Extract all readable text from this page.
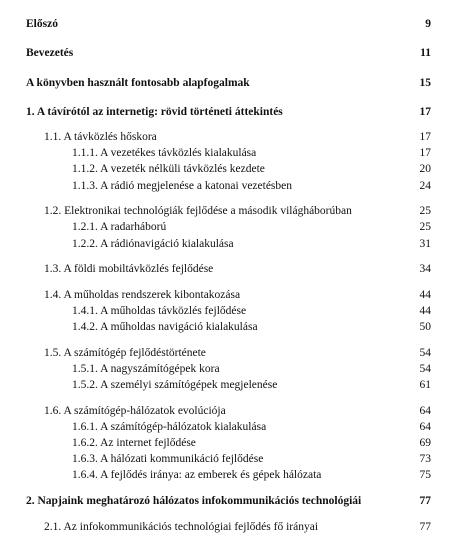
Előszó	9
Bevezetés	11
A könyvben használt fontosabb alapfogalmak	15
1. A távírótól az internetig: rövid történeti áttekintés	17
1.1. A távközlés hőskora	17
1.1.1. A vezetékes távközlés kialakulása	17
1.1.2. A vezeték nélküli távközlés kezdete	20
1.1.3. A rádió megjelenése a katonai vezetésben	24
1.2. Elektronikai technológiák fejlődése a második világháborúban	25
1.2.1. A radarháború	25
1.2.2. A rádiónavigáció kialakulása	31
1.3. A földi mobiltávközlés fejlődése	34
1.4. A műholdas rendszerek kibontakozása	44
1.4.1. A műholdas távközlés fejlődése	44
1.4.2. A műholdas navigáció kialakulása	50
1.5. A számítógép fejlődéstörténete	54
1.5.1. A nagyszámítógépek kora	54
1.5.2. A személyi számítógépek megjelenése	61
1.6. A számítógép-hálózatok evolúciója	64
1.6.1. A számítógép-hálózatok kialakulása	64
1.6.2. Az internet fejlődése	69
1.6.3. A hálózati kommunikáció fejlődése	73
1.6.4. A fejlődés iránya: az emberek és gépek hálózata	75
2. Napjaink meghatározó hálózatos infokommunikációs technológiái	77
2.1. Az infokommunikációs technológiai fejlődés fő irányai	77
